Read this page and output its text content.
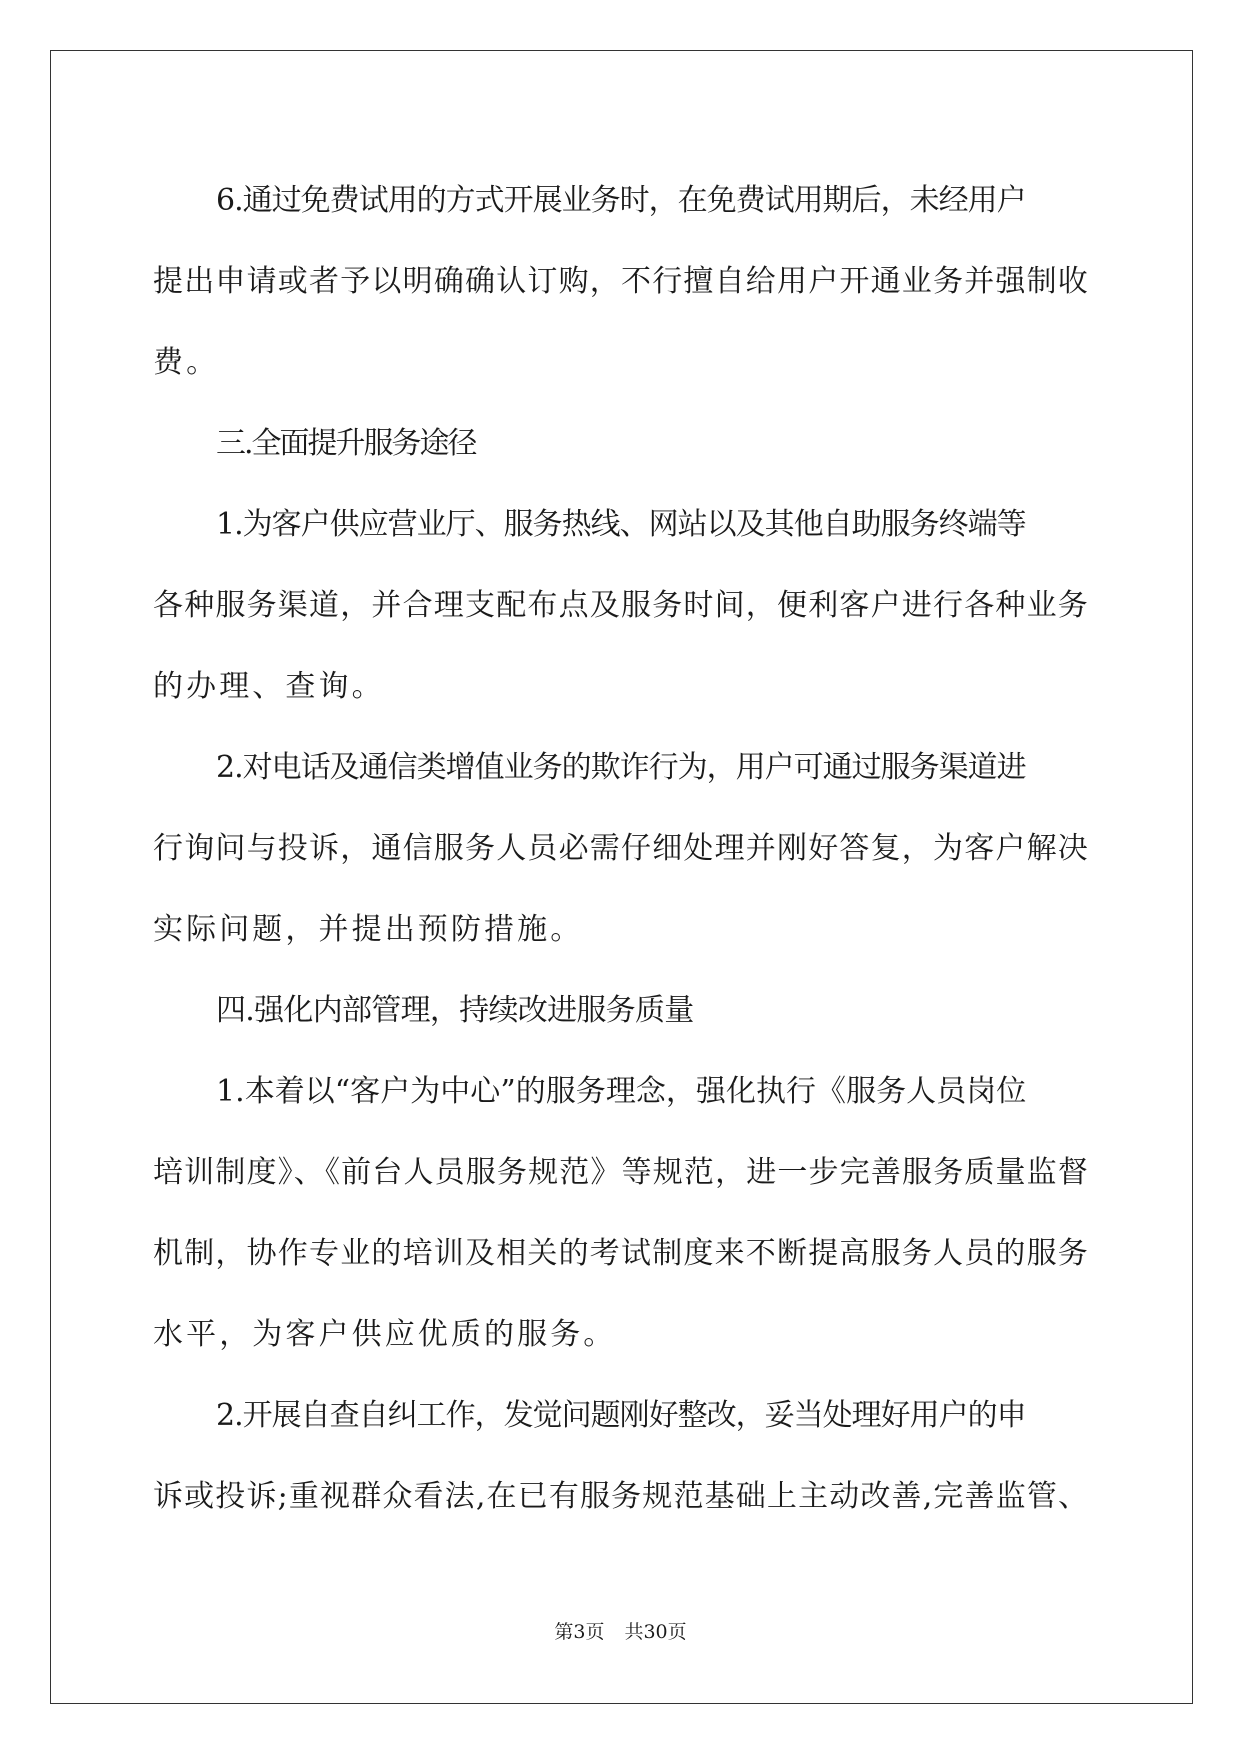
6.通过免费试用的方式开展业务时，在免费试用期后，未经用户
提出申请或者予以明确确认订购，不行擅自给用户开通业务并强制收
费。
三.全面提升服务途径
1.为客户供应营业厅、服务热线、网站以及其他自助服务终端等
各种服务渠道，并合理支配布点及服务时间，便利客户进行各种业务
的办理、查询。
2.对电话及通信类增值业务的欺诈行为，用户可通过服务渠道进
行询问与投诉，通信服务人员必需仔细处理并刚好答复，为客户解决
实际问题，并提出预防措施。
四.强化内部管理，持续改进服务质量
1.本着以“客户为中心”的服务理念，强化执行《服务人员岗位
培训制度》、《前台人员服务规范》等规范，进一步完善服务质量监督
机制，协作专业的培训及相关的考试制度来不断提高服务人员的服务
水平，为客户供应优质的服务。
2.开展自查自纠工作，发觉问题刚好整改，妥当处理好用户的申
诉或投诉;重视群众看法,在已有服务规范基础上主动改善,完善监管、
第3页 共30页
